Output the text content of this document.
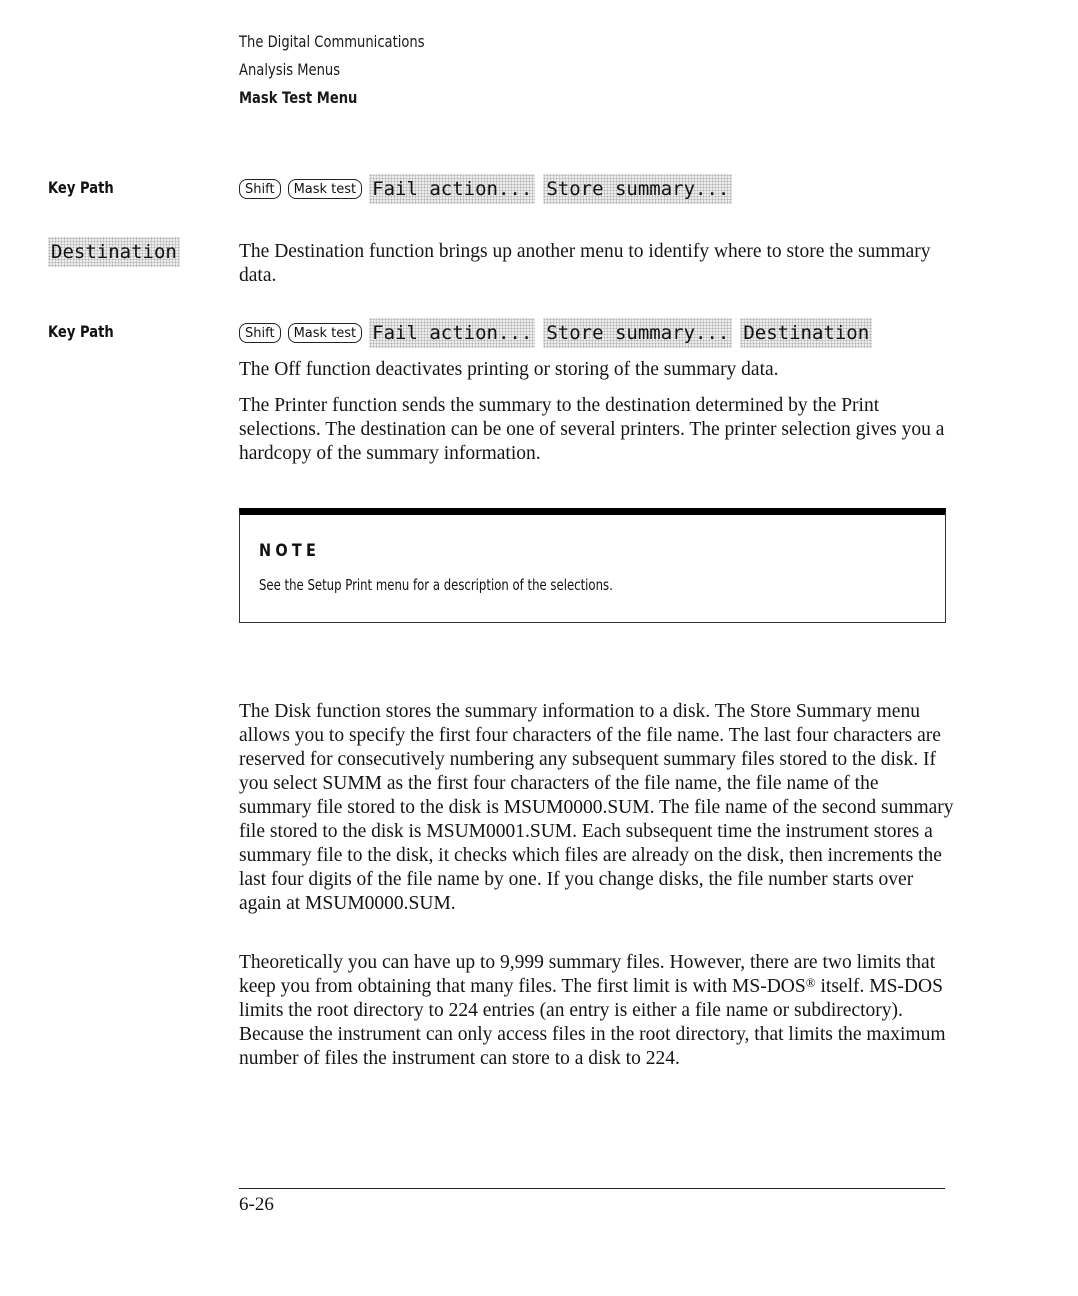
The Digital Communications
Analysis Menus
Mask Test Menu
Key Path	Shift	Mask test Fail action... Store summary...
Destination	The Destination function brings up another menu to identify where to store the summary data.
Key Path	Shift	Mask test Fail action... Store summary... Destination
The Off function deactivates printing or storing of the summary data.
The Printer function sends the summary to the destination determined by the Print selections. The destination can be one of several printers. The printer selection gives you a hardcopy of the summary information.
NOTE
See the Setup Print menu for a description of the selections.
The Disk function stores the summary information to a disk. The Store Summary menu allows you to specify the first four characters of the file name. The last four characters are reserved for consecutively numbering any subsequent summary files stored to the disk. If you select SUMM as the first four characters of the file name, the file name of the summary file stored to the disk is MSUM0000.SUM. The file name of the second summary file stored to the disk is MSUM0001.SUM. Each subsequent time the instrument stores a summary file to the disk, it checks which files are already on the disk, then increments the last four digits of the file name by one. If you change disks, the file number starts over again at MSUM0000.SUM.
Theoretically you can have up to 9,999 summary files. However, there are two limits that keep you from obtaining that many files. The first limit is with MS-DOS® itself. MS-DOS limits the root directory to 224 entries (an entry is either a file name or subdirectory). Because the instrument can only access files in the root directory, that limits the maximum number of files the instrument can store to a disk to 224.
6-26
